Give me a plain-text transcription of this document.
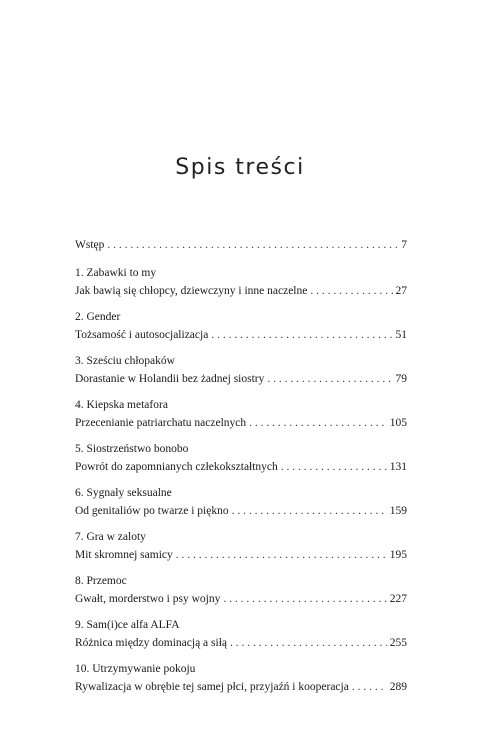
Spis treści
Wstęp . . .	7
1. Zabawki to my
Jak bawią się chłopcy, dziewczyny i inne naczelne . . .	27
2. Gender
Tożsamość i autosocjalizacja . . .	51
3. Sześciu chłopaków
Dorastanie w Holandii bez żadnej siostry . . .	79
4. Kiepska metafora
Przecenianie patriarchatu naczelnych . . .	105
5. Siostrzeństwo bonobo
Powrót do zapomnianych człekokształtnych . . .	131
6. Sygnały seksualne
Od genitaliów po twarze i piękno . . .	159
7. Gra w zaloty
Mit skromnej samicy . . .	195
8. Przemoc
Gwałt, morderstwo i psy wojny . . .	227
9. Sam(i)ce alfa ALFA
Różnica między dominacją a siłą . . .	255
10. Utrzymywanie pokoju
Rywalizacja w obrębie tej samej płci, przyjaźń i kooperacja . . .	289
